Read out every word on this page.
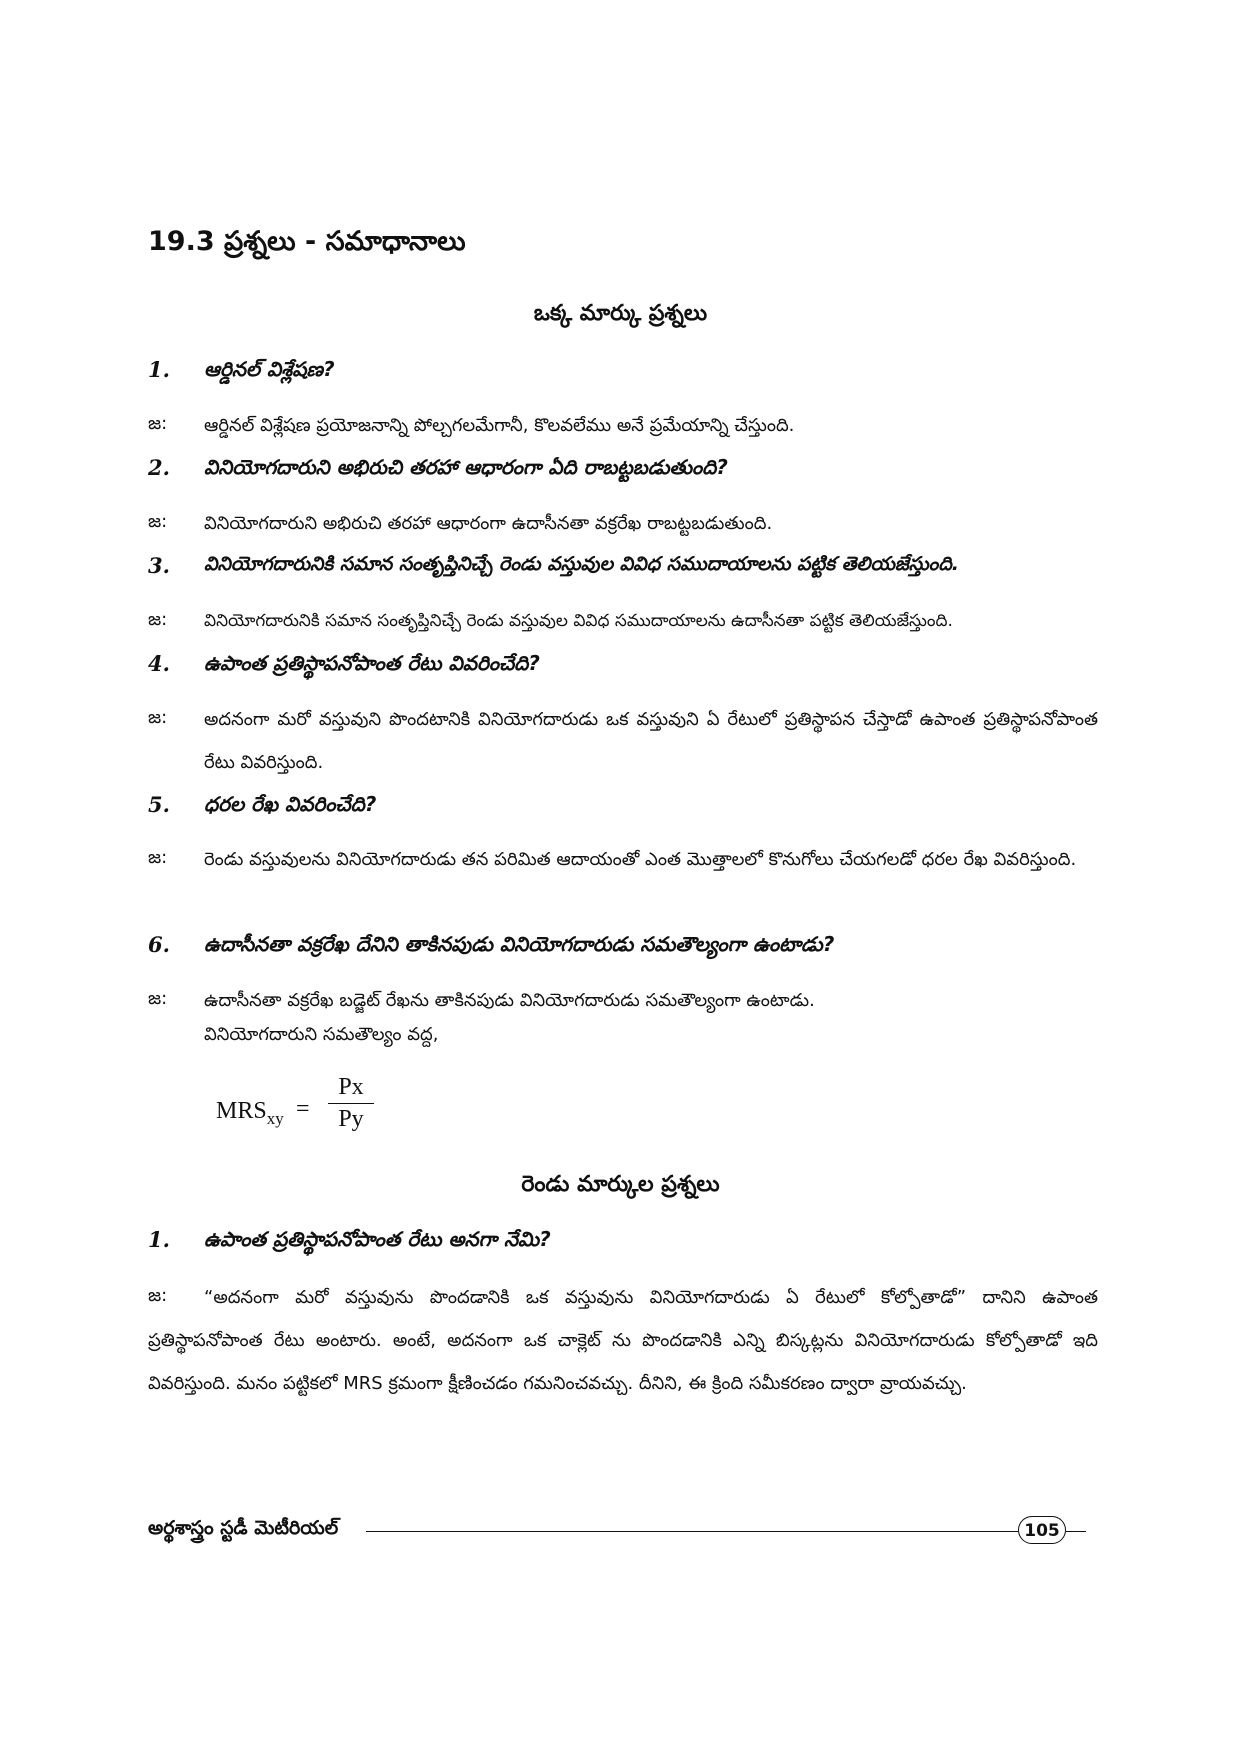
19.3 ప్రశ్నలు - సమాధానాలు
ఒక్క మార్కు ప్రశ్నలు
1.	ఆర్డినల్ విశ్లేషణ?
జ:	ఆర్డినల్ విశ్లేషణ ప్రయోజనాన్ని పోల్చగలమేగానీ, కొలవలేము అనే ప్రమేయాన్ని చేస్తుంది.
2.	వినియోగదారుని అభిరుచి తరహా ఆధారంగా ఏది రాబట్టబడుతుంది?
జ:	వినియోగదారుని అభిరుచి తరహా ఆధారంగా ఉదాసీనతా వక్రరేఖ రాబట్టబడుతుంది.
3.	వినియోగదారునికి సమాన సంతృప్తినిచ్చే రెండు వస్తువుల వివిధ సముదాయాలను పట్టిక తెలియజేస్తుంది.
జ:	వినియోగదారునికి సమాన సంతృప్తినిచ్చే రెండు వస్తువుల వివిధ సముదాయాలను ఉదాసీనతా పట్టిక తెలియజేస్తుంది.
4.	ఉపాంత ప్రతిస్థాపనోపాంత రేటు వివరించేది?
జ:	అదనంగా మరో వస్తువుని పొందటానికి వినియోగదారుడు ఒక వస్తువుని ఏ రేటులో ప్రతిస్థాపన చేస్తాడో ఉపాంత ప్రతిస్థాపనోపాంత రేటు వివరిస్తుంది.
5.	ధరల రేఖ వివరించేది?
జ:	రెండు వస్తువులను వినియోగదారుడు తన పరిమిత ఆదాయంతో ఎంత మొత్తాలలో కొనుగోలు చేయగలడో ధరల రేఖ వివరిస్తుంది.
6.	ఉదాసీనతా వక్రరేఖ దేనిని తాకినపుడు వినియోగదారుడు సమతౌల్యంగా ఉంటాడు?
జ:	ఉదాసీనతా వక్రరేఖ బడ్జెట్ రేఖను తాకినపుడు వినియోగదారుడు సమతౌల్యంగా ఉంటాడు.
వినియోగదారుని సమతౌల్యం వద్ద,
$MRS_{xy}$ =
Px
Py
రెండు మార్కుల ప్రశ్నలు
1.	ఉపాంత ప్రతిస్థాపనోపాంత రేటు అనగా నేమి?
జ:	“అదనంగా మరో వస్తువును పొందడానికి ఒక వస్తువును వినియోగదారుడు ఏ రేటులో కోల్పోతాడో” దానిని ఉపాంత ప్రతిస్థాపనోపాంత రేటు అంటారు. అంటే, అదనంగా ఒక చాక్లెట్ ను పొందడానికి ఎన్ని బిస్కట్లను వినియోగదారుడు కోల్పోతాడో ఇది వివరిస్తుంది. మనం పట్టికలో MRS క్రమంగా క్షీణించడం గమనించవచ్చు. దీనిని, ఈ క్రింది సమీకరణం ద్వారా వ్రాయవచ్చు.
అర్థశాస్త్రం స్టడీ మెటీరియల్	105
